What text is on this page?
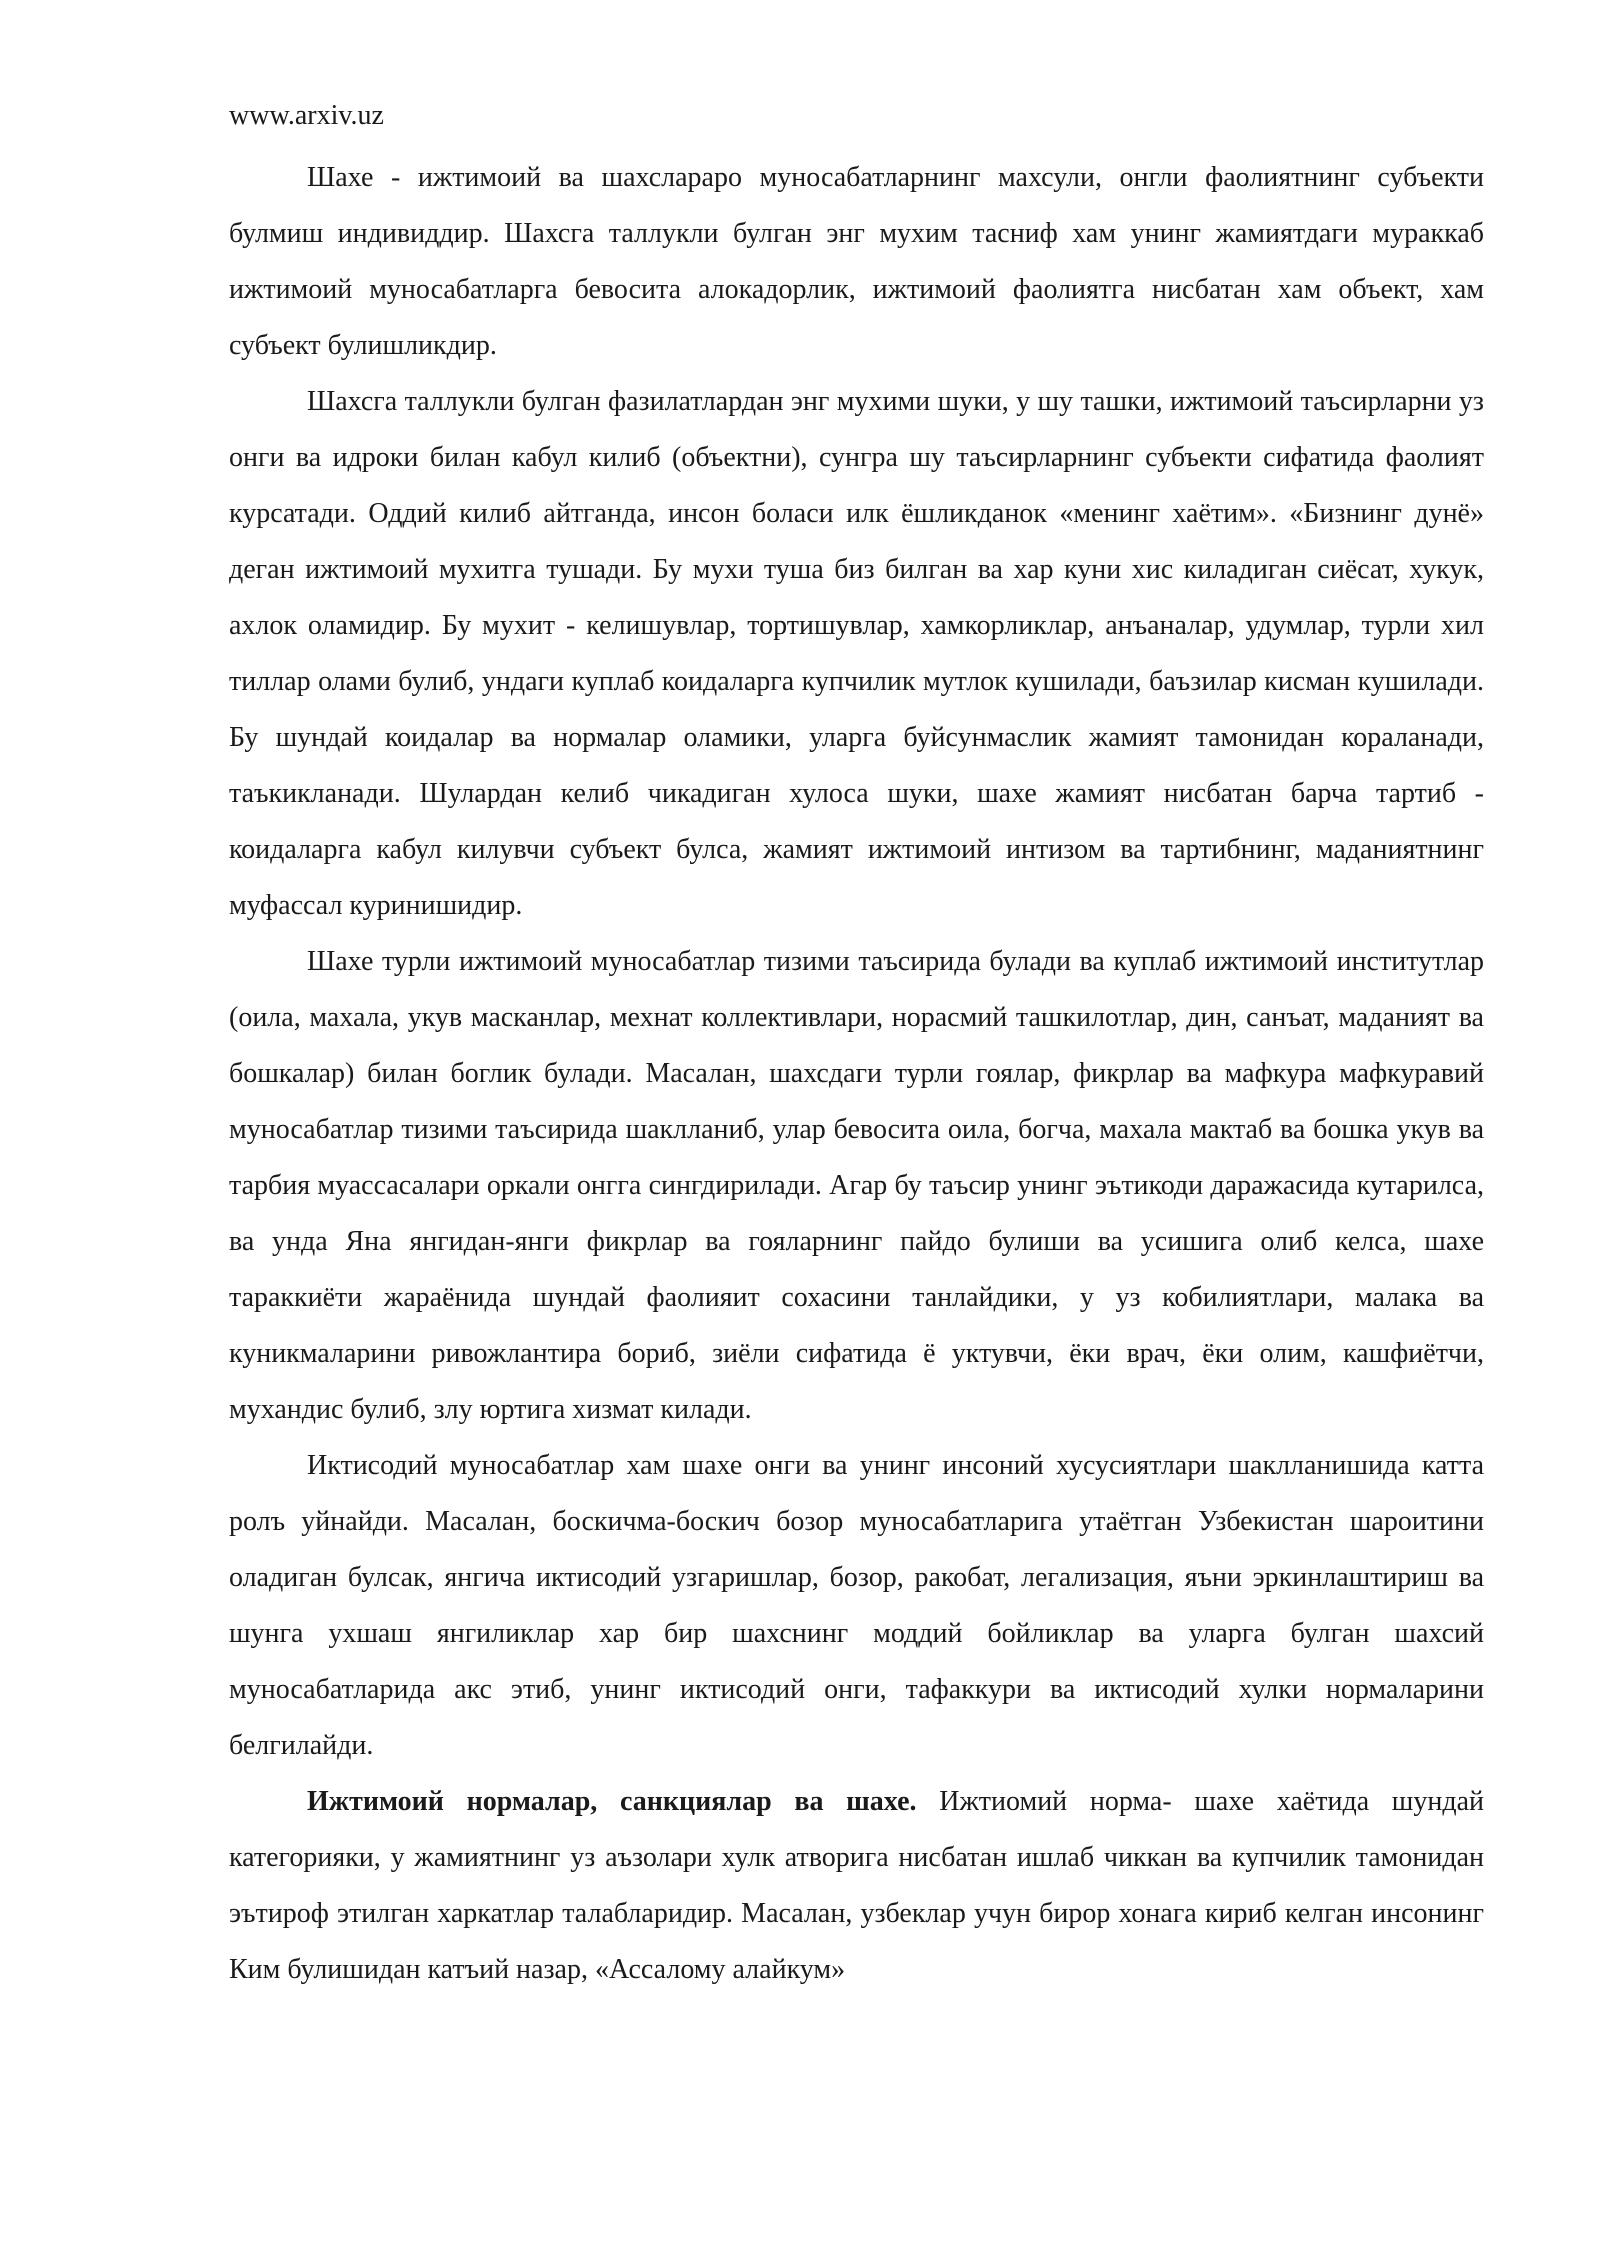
www.arxiv.uz

Шахе - ижтимоий ва шахслараро муносабатларнинг махсули, онгли фаолиятнинг субъекти булмиш индивиддир. Шахсга таллукли булган энг мухим тасниф хам унинг жамиятдаги мураккаб ижтимоий муносабатларга бевосита алокадорлик, ижтимоий фаолиятга нисбатан хам объект, хам субъект булишликдир.

Шахсга таллукли булган фазилатлардан энг мухими шуки, у шу ташки, ижтимоий таъсирларни уз онги ва идроки билан кабул килиб (объектни), сунгра шу таъсирларнинг субъекти сифатида фаолият курсатади. Оддий килиб айтганда, инсон боласи илк ёшликданок «менинг хаётим». «Бизнинг дунё» деган ижтимоий мухитга тушади. Бу мухи туша биз билган ва хар куни хис киладиган сиёсат, хукук, ахлок оламидир. Бу мухит - келишувлар, тортишувлар, хамкорликлар, анъаналар, удумлар, турли хил тиллар олами булиб, ундаги куплаб коидаларга купчилик мутлок кушилади, баъзилар кисман кушилади. Бу шундай коидалар ва нормалар оламики, уларга буйсунмаслик жамият тамонидан кораланади, таъкикланади. Шулардан келиб чикадиган хулоса шуки, шахе жамият нисбатан барча тартиб - коидаларга кабул килувчи субъект булса, жамият ижтимоий интизом ва тартибнинг, маданиятнинг муфассал куринишидир.

Шахе турли ижтимоий муносабатлар тизими таъсирида булади ва куплаб ижтимоий институтлар (оила, махала, укув масканлар, мехнат коллективлари, норасмий ташкилотлар, дин, санъат, маданият ва бошкалар) билан боглик булади. Масалан, шахсдаги турли гоялар, фикрлар ва мафкура мафкуравий муносабатлар тизими таъсирида шаклланиб, улар бевосита оила, богча, махала мактаб ва бошка укув ва тарбия муассасалари оркали онгга сингдирилади. Агар бу таъсир унинг эътикоди даражасида кутарилса, ва унда Яна янгидан-янги фикрлар ва гояларнинг пайдо булиши ва усишига олиб келса, шахе тараккиёти жараёнида шундай фаолияит сохасини танлайдики, у уз кобилиятлари, малака ва куникмаларини ривожлантира бориб, зиёли сифатида ё уктувчи, ёки врач, ёки олим, кашфиётчи, мухандис булиб, злу юртига хизмат килади.

Иктисодий муносабатлар хам шахе онги ва унинг инсоний хусусиятлари шаклланишида катта ролъ уйнайди. Масалан, боскичма-боскич бозор муносабатларига утаётган Узбекистан шароитини оладиган булсак, янгича иктисодий узгаришлар, бозор, ракобат, легализация, яъни эркинлаштириш ва шунга ухшаш янгиликлар хар бир шахснинг моддий бойликлар ва уларга булган шахсий муносабатларида акс этиб, унинг иктисодий онги, тафаккури ва иктисодий хулки нормаларини белгилайди.

Ижтимоий нормалар, санкциялар ва шахе. Ижтиомий норма- шахе хаётида шундай категорияки, у жамиятнинг уз аъзолари хулк атворига нисбатан ишлаб чиккан ва купчилик тамонидан эътироф этилган харкатлар талабларидир. Масалан, узбеклар учун бирор хонага кириб келган инсонинг Ким булишидан катъий назар, «Ассалому алайкум»
